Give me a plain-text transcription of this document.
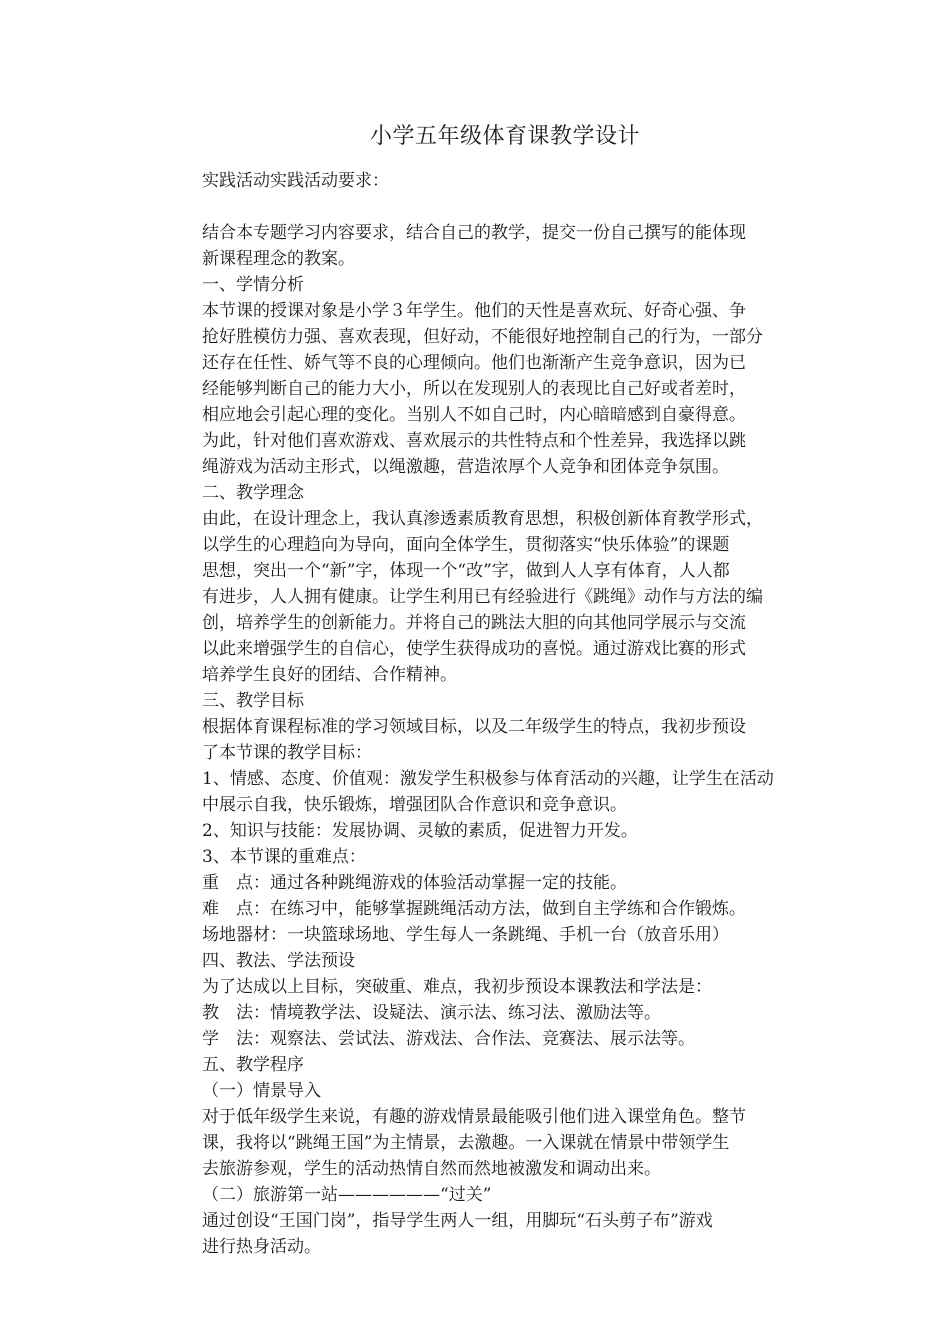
小学五年级体育课教学设计

实践活动实践活动要求：

结合本专题学习内容要求，结合自己的教学，提交一份自己撰写的能体现

新课程理念的教案。

一、学情分析

本节课的授课对象是小学３年学生。他们的天性是喜欢玩、好奇心强、争

抢好胜模仿力强、喜欢表现，但好动，不能很好地控制自己的行为，一部分

还存在任性、娇气等不良的心理倾向。他们也渐渐产生竞争意识，因为已

经能够判断自己的能力大小，所以在发现别人的表现比自己好或者差时，

相应地会引起心理的变化。当别人不如自己时，内心暗暗感到自豪得意。

为此，针对他们喜欢游戏、喜欢展示的共性特点和个性差异，我选择以跳

绳游戏为活动主形式，以绳激趣，营造浓厚个人竞争和团体竞争氛围。

二、教学理念

由此，在设计理念上，我认真渗透素质教育思想，积极创新体育教学形式，

以学生的心理趋向为导向，面向全体学生，贯彻落实“快乐体验”的课题

思想，突出一个“新”字，体现一个“改”字，做到人人享有体育，人人都

有进步，人人拥有健康。让学生利用已有经验进行《跳绳》动作与方法的编

创，培养学生的创新能力。并将自己的跳法大胆的向其他同学展示与交流

以此来增强学生的自信心，使学生获得成功的喜悦。通过游戏比赛的形式

培养学生良好的团结、合作精神。

三、教学目标

根据体育课程标准的学习领域目标，以及二年级学生的特点，我初步预设

了本节课的教学目标：

1、情感、态度、价值观：激发学生积极参与体育活动的兴趣，让学生在活动

中展示自我，快乐锻炼，增强团队合作意识和竞争意识。

2、知识与技能：发展协调、灵敏的素质，促进智力开发。

3、本节课的重难点：

重　点：通过各种跳绳游戏的体验活动掌握一定的技能。

难　点：在练习中，能够掌握跳绳活动方法，做到自主学练和合作锻炼。

场地器材：一块篮球场地、学生每人一条跳绳、手机一台（放音乐用）

四、教法、学法预设

为了达成以上目标，突破重、难点，我初步预设本课教法和学法是：

教　法：情境教学法、设疑法、演示法、练习法、激励法等。

学　法：观察法、尝试法、游戏法、合作法、竞赛法、展示法等。

五、教学程序

（一）情景导入

对于低年级学生来说，有趣的游戏情景最能吸引他们进入课堂角色。整节

课，我将以“跳绳王国”为主情景，去激趣。一入课就在情景中带领学生

去旅游参观，学生的活动热情自然而然地被激发和调动出来。

（二）旅游第一站——————“过关”

通过创设“王国门岗”，指导学生两人一组，用脚玩“石头剪子布”游戏

进行热身活动。
